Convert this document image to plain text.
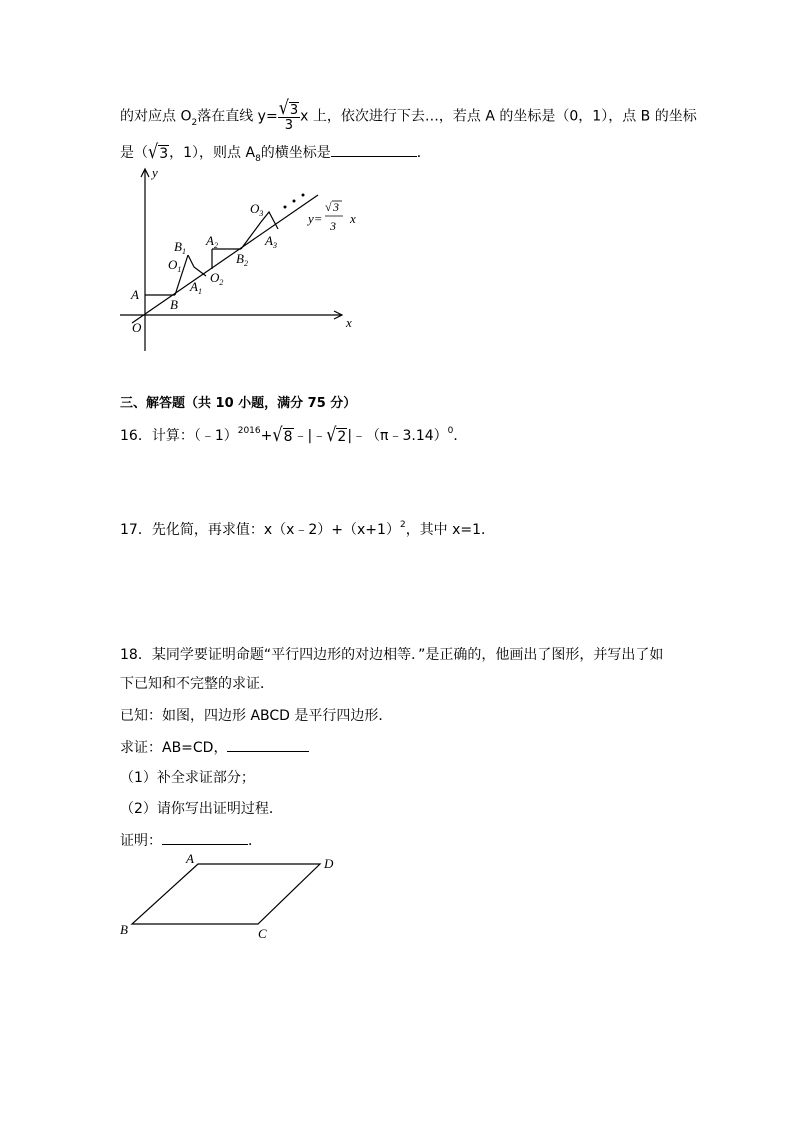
的对应点 $O_2$落在直线 $y= \frac{√3}{3}$ x 上，依次进行下去…，若点 A 的坐标是（0，1），点 B 的坐标
是（√3，1），则点 $A_8$的横坐标是	．
y
x
O
A
B
$B_1$
$O_1$
$A_1$
$A_2$
$O_2$
$B_2$
$O_3$
$A_3$
y=
√ 3
3 x
三、解答题（共 10 小题，满分 75 分）
16．计算：（﹣1）$^{2016}$+√8﹣|﹣√2|﹣（π﹣3.14）$^0$．
17．先化简，再求值：$x(x﹣2)+(x+1)^2$，其中 x=1．
18．某同学要证明命题“平行四边形的对边相等．”是正确的，他画出了图形，并写出了如
下已知和不完整的求证．
已知：如图，四边形 ABCD 是平行四边形．
求证：AB=CD，
（1）补全求证部分；
（2）请你写出证明过程．
证明：	．
A	D
B	C
